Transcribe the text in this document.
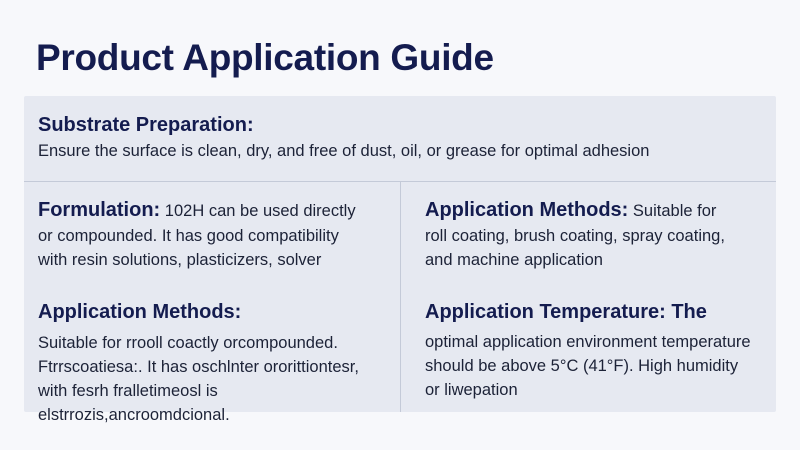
Product Application Guide
Substrate Preparation:
Ensure the surface is clean, dry, and free of dust, oil, or grease for optimal adhesion

Formulation: 102H can be used directly
or compounded. It has good compatibility
with resin solutions, plasticizers, solver

Application Methods: Suitable for
roll coating, brush coating, spray coating,
and machine application

Application Methods:
Suitable for rrooll coactly orcompounded. Ftrrscoatiesa:. It has oschlnter ororittiontesr, with fesrh fralletimeosl is elstrrozis,ancroomdcional.

Application Temperature: The
optimal application environment temperature
should be above 5°C (41°F). High humidity
or liwepation
